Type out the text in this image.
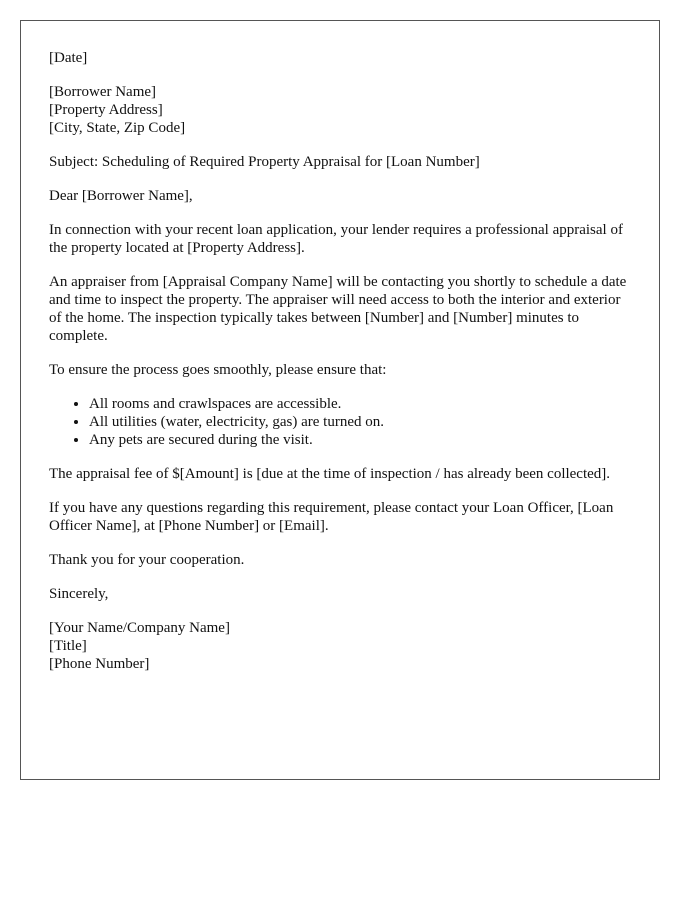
[Date]
[Borrower Name]
[Property Address]
[City, State, Zip Code]

Subject: Scheduling of Required Property Appraisal for [Loan Number]

Dear [Borrower Name],

In connection with your recent loan application, your lender requires a professional appraisal of the property located at [Property Address].

An appraiser from [Appraisal Company Name] will be contacting you shortly to schedule a date and time to inspect the property. The appraiser will need access to both the interior and exterior of the home. The inspection typically takes between [Number] and [Number] minutes to complete.

To ensure the process goes smoothly, please ensure that:

• All rooms and crawlspaces are accessible.
• All utilities (water, electricity, gas) are turned on.
• Any pets are secured during the visit.

The appraisal fee of $[Amount] is [due at the time of inspection / has already been collected].

If you have any questions regarding this requirement, please contact your Loan Officer, [Loan Officer Name], at [Phone Number] or [Email].

Thank you for your cooperation.

Sincerely,

[Your Name/Company Name]
[Title]
[Phone Number]
